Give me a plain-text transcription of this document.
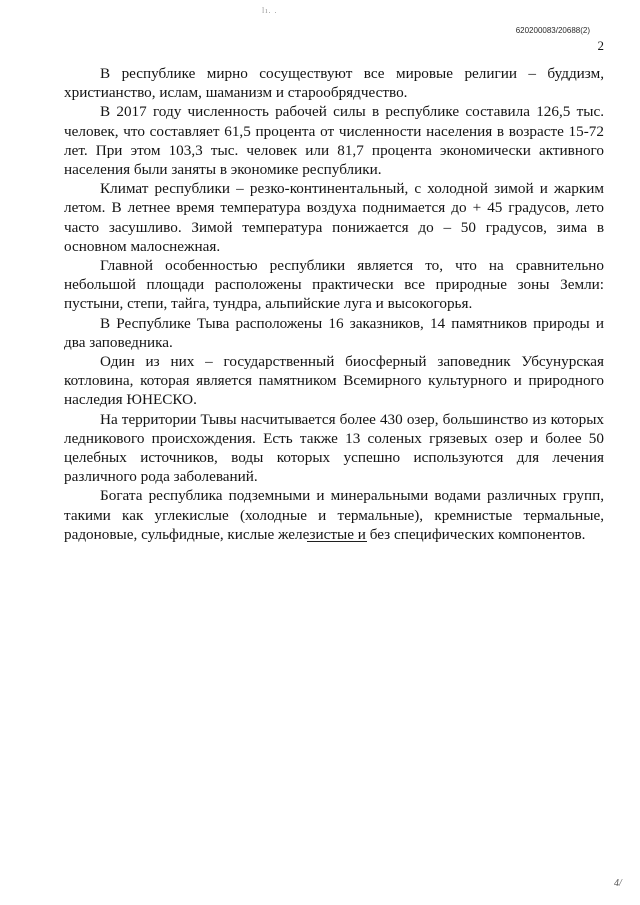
lı. .
620200083/20688(2)
2

В республике мирно сосуществуют все мировые религии – буддизм, христианство, ислам, шаманизм и старообрядчество.

В 2017 году численность рабочей силы в республике составила 126,5 тыс. человек, что составляет 61,5 процента от численности населения в возрасте 15-72 лет. При этом 103,3 тыс. человек или 81,7 процента экономически активного населения были заняты в экономике республики.

Климат республики – резко-континентальный, с холодной зимой и жарким летом. В летнее время температура воздуха поднимается до + 45 градусов, лето часто засушливо. Зимой температура понижается до – 50 градусов, зима в основном малоснежная.

Главной особенностью республики является то, что на сравнительно небольшой площади расположены практически все природные зоны Земли: пустыни, степи, тайга, тундра, альпийские луга и высокогорья.

В Республике Тыва расположены 16 заказников, 14 памятников природы и два заповедника.

Один из них – государственный биосферный заповедник Убсунурская котловина, которая является памятником Всемирного культурного и природного наследия ЮНЕСКО.

На территории Тывы насчитывается более 430 озер, большинство из которых ледникового происхождения. Есть также 13 соленых грязевых озер и более 50 целебных источников, воды которых успешно используются для лечения различного рода заболеваний.

Богата республика подземными и минеральными водами различных групп, такими как углекислые (холодные и термальные), кремнистые термальные, радоновые, сульфидные, кислые железистые и без специфических компонентов.

4/
